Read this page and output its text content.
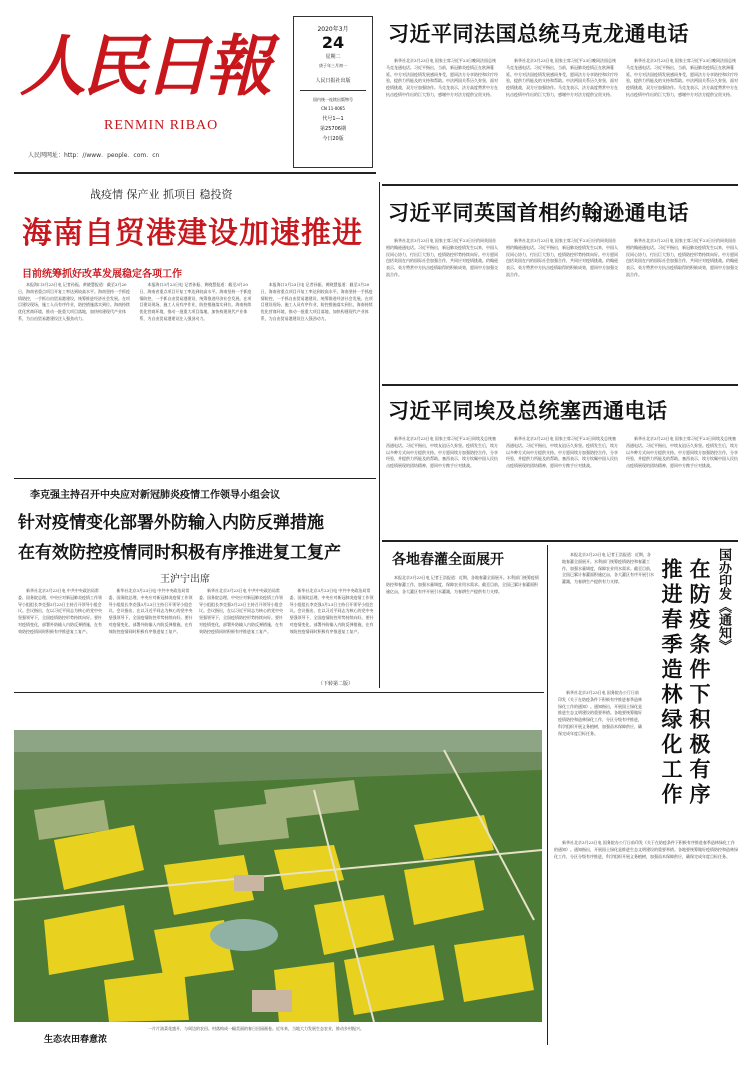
人民日報
RENMIN RIBAO
人民网网址：http：//www．people．com．cn
2020年3月
24
星期二
庚子年三月初一
人民日报社出版
国内统一连续出版物号
CN 11-0065
代号1—1
第25706期
今日20版
习近平同法国总统马克龙通电话

新华社北京3月23日电 国家主席习近平23日晚同法国总统马克龙通电话。习近平指出，当前，新冠肺炎疫情正在欧洲蔓延。中方对法国疫情发展感同身受，愿同法方分享防控和诊疗经验，提供力所能及的支持和帮助。中法两国关系历久弥坚，面对疫情挑战，双方应加强协作。马克龙表示，法方高度赞赏中方在抗击疫情中作出的巨大努力，感谢中方对法方提供宝贵支持。

新华社北京3月23日电 国家主席习近平23日晚同法国总统马克龙通电话。习近平指出，当前，新冠肺炎疫情正在欧洲蔓延。中方对法国疫情发展感同身受，愿同法方分享防控和诊疗经验，提供力所能及的支持和帮助。中法两国关系历久弥坚，面对疫情挑战，双方应加强协作。马克龙表示，法方高度赞赏中方在抗击疫情中作出的巨大努力，感谢中方对法方提供宝贵支持。

新华社北京3月23日电 国家主席习近平23日晚同法国总统马克龙通电话。习近平指出，当前，新冠肺炎疫情正在欧洲蔓延。中方对法国疫情发展感同身受，愿同法方分享防控和诊疗经验，提供力所能及的支持和帮助。中法两国关系历久弥坚，面对疫情挑战，双方应加强协作。马克龙表示，法方高度赞赏中方在抗击疫情中作出的巨大努力，感谢中方对法方提供宝贵支持。

战疫情 保产业 抓项目 稳投资
海南自贸港建设加速推进
目前统筹抓好改革发展稳定各项工作

本报海口3月23日电 记者孙振、黄晓慧报道：截至3月20日，海南省重点项目开复工率达到较高水平。海南坚持一手抓疫情防控，一手抓自由贸易港建设，统筹推进经济社会发展。在项目建设现场，施工人员有序作业，防控措施落实到位。海南持续优化营商环境，推动一批重大项目落地，加快构建现代产业体系，为自由贸易港建设注入强劲动力。

本报海口3月23日电 记者孙振、黄晓慧报道：截至3月20日，海南省重点项目开复工率达到较高水平。海南坚持一手抓疫情防控，一手抓自由贸易港建设，统筹推进经济社会发展。在项目建设现场，施工人员有序作业，防控措施落实到位。海南持续优化营商环境，推动一批重大项目落地，加快构建现代产业体系，为自由贸易港建设注入强劲动力。

本报海口3月23日电 记者孙振、黄晓慧报道：截至3月20日，海南省重点项目开复工率达到较高水平。海南坚持一手抓疫情防控，一手抓自由贸易港建设，统筹推进经济社会发展。在项目建设现场，施工人员有序作业，防控措施落实到位。海南持续优化营商环境，推动一批重大项目落地，加快构建现代产业体系，为自由贸易港建设注入强劲动力。

习近平同英国首相约翰逊通电话

新华社北京3月23日电 国家主席习近平23日应约同英国首相约翰逊通电话。习近平指出，新冠肺炎疫情发生以来，中国人民同心协力，付出巨大努力，疫情防控形势持续向好。中方愿同包括英国在内的国际社会加强合作，共同应对疫情挑战。约翰逊表示，英方赞赏中方抗击疫情取得的积极成效，愿同中方加强交流合作。

新华社北京3月23日电 国家主席习近平23日应约同英国首相约翰逊通电话。习近平指出，新冠肺炎疫情发生以来，中国人民同心协力，付出巨大努力，疫情防控形势持续向好。中方愿同包括英国在内的国际社会加强合作，共同应对疫情挑战。约翰逊表示，英方赞赏中方抗击疫情取得的积极成效，愿同中方加强交流合作。

新华社北京3月23日电 国家主席习近平23日应约同英国首相约翰逊通电话。习近平指出，新冠肺炎疫情发生以来，中国人民同心协力，付出巨大努力，疫情防控形势持续向好。中方愿同包括英国在内的国际社会加强合作，共同应对疫情挑战。约翰逊表示，英方赞赏中方抗击疫情取得的积极成效，愿同中方加强交流合作。

习近平同埃及总统塞西通电话

新华社北京3月23日电 国家主席习近平23日同埃及总统塞西通电话。习近平指出，中埃友谊历久弥坚。疫情发生后，埃方以多种方式向中方提供支持。中方愿同埃方加强防控合作，分享经验，并提供力所能及的帮助。塞西表示，埃方钦佩中国人民抗击疫情展现的团结精神，愿同中方携手应对挑战。

新华社北京3月23日电 国家主席习近平23日同埃及总统塞西通电话。习近平指出，中埃友谊历久弥坚。疫情发生后，埃方以多种方式向中方提供支持。中方愿同埃方加强防控合作，分享经验，并提供力所能及的帮助。塞西表示，埃方钦佩中国人民抗击疫情展现的团结精神，愿同中方携手应对挑战。

新华社北京3月23日电 国家主席习近平23日同埃及总统塞西通电话。习近平指出，中埃友谊历久弥坚。疫情发生后，埃方以多种方式向中方提供支持。中方愿同埃方加强防控合作，分享经验，并提供力所能及的帮助。塞西表示，埃方钦佩中国人民抗击疫情展现的团结精神，愿同中方携手应对挑战。

李克强主持召开中央应对新冠肺炎疫情工作领导小组会议
针对疫情变化部署外防输入内防反弹措施
在有效防控疫情同时积极有序推进复工复产
王沪宁出席

新华社北京3月23日电 中共中央政治局常委、国务院总理、中央应对新冠肺炎疫情工作领导小组组长李克强3月23日主持召开领导小组会议。会议指出，在以习近平同志为核心的党中央坚强领导下，全国疫情防控形势持续向好。要针对疫情变化，部署外防输入内防反弹措施，在有效防控疫情同时积极有序推进复工复产。

新华社北京3月23日电 中共中央政治局常委、国务院总理、中央应对新冠肺炎疫情工作领导小组组长李克强3月23日主持召开领导小组会议。会议指出，在以习近平同志为核心的党中央坚强领导下，全国疫情防控形势持续向好。要针对疫情变化，部署外防输入内防反弹措施，在有效防控疫情同时积极有序推进复工复产。

新华社北京3月23日电 中共中央政治局常委、国务院总理、中央应对新冠肺炎疫情工作领导小组组长李克强3月23日主持召开领导小组会议。会议指出，在以习近平同志为核心的党中央坚强领导下，全国疫情防控形势持续向好。要针对疫情变化，部署外防输入内防反弹措施，在有效防控疫情同时积极有序推进复工复产。

新华社北京3月23日电 中共中央政治局常委、国务院总理、中央应对新冠肺炎疫情工作领导小组组长李克强3月23日主持召开领导小组会议。会议指出，在以习近平同志为核心的党中央坚强领导下，全国疫情防控形势持续向好。要针对疫情变化，部署外防输入内防反弹措施，在有效防控疫情同时积极有序推进复工复产。

（下转第二版）
各地春灌全面展开

本报北京3月23日电 记者王浩报道：近期，各地春灌全面展开。水利部门统筹疫情防控和春灌工作，加强水量调度，保障农业用水需求。截至目前，全国已累计春灌面积逾亿亩，各大灌区有序开展引水灌溉，为春耕生产提供有力支撑。

本报北京3月23日电 记者王浩报道：近期，各地春灌全面展开。水利部门统筹疫情防控和春灌工作，加强水量调度，保障农业用水需求。截至目前，全国已累计春灌面积逾亿亩，各大灌区有序开展引水灌溉，为春耕生产提供有力支撑。	国办印发《通知》
在防疫条件下积极有序
推进春季造林绿化工作

新华社北京3月23日电 国务院办公厅日前印发《关于在防疫条件下积极有序推进春季造林绿化工作的通知》。通知指出，开展国土绿化是推进生态文明建设的重要举措。各地要统筹做好疫情防控和造林绿化工作，分区分级有序推进，科学组织开展义务植树，加强苗木保障供应，确保完成年度目标任务。

新华社北京3月23日电 国务院办公厅日前印发《关于在防疫条件下积极有序推进春季造林绿化工作的通知》。通知指出，开展国土绿化是推进生态文明建设的重要举措。各地要统筹做好疫情防控和造林绿化工作，分区分级有序推进，科学组织开展义务植树，加强苗木保障供应，确保完成年度目标任务。

生态农田春意浓

一片片油菜花盛开，与周边的农田、村落构成一幅美丽的春日田园画卷。近年来，当地大力发展生态农业，推动乡村振兴。
